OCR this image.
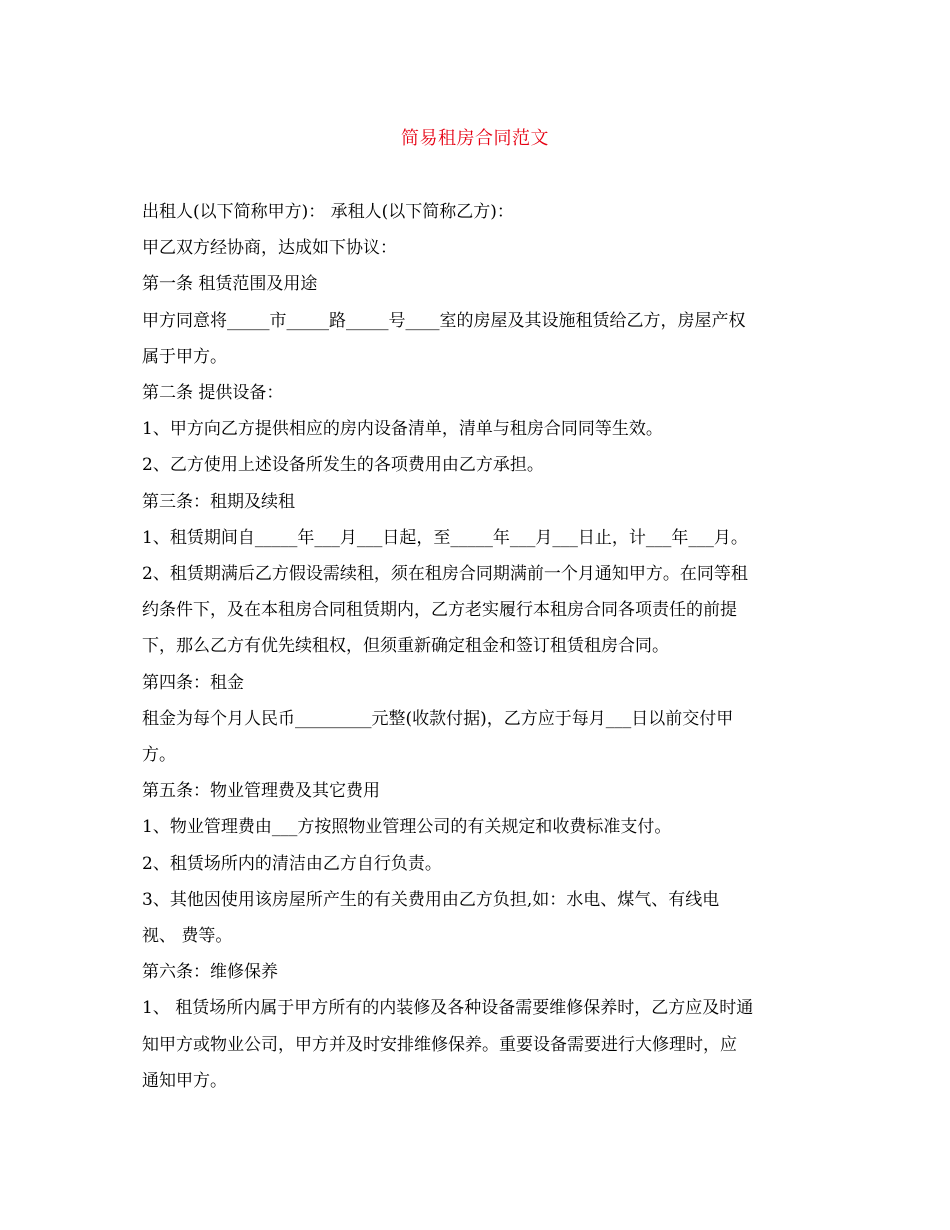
简易租房合同范文

出租人(以下简称甲方)： 承租人(以下简称乙方)：

甲乙双方经协商，达成如下协议：

第一条 租赁范围及用途

甲方同意将_____市_____路_____号____室的房屋及其设施租赁给乙方，房屋产权

属于甲方。

第二条 提供设备：

1、甲方向乙方提供相应的房内设备清单，清单与租房合同同等生效。

2、乙方使用上述设备所发生的各项费用由乙方承担。

第三条：租期及续租

1、租赁期间自_____年___月___日起，至_____年___月___日止，计___年___月。

2、租赁期满后乙方假设需续租，须在租房合同期满前一个月通知甲方。在同等租

约条件下，及在本租房合同租赁期内，乙方老实履行本租房合同各项责任的前提

下，那么乙方有优先续租权，但须重新确定租金和签订租赁租房合同。

第四条：租金

租金为每个月人民币_________元整(收款付据)，乙方应于每月___日以前交付甲

方。

第五条：物业管理费及其它费用

1、物业管理费由___方按照物业管理公司的有关规定和收费标准支付。

2、租赁场所内的清洁由乙方自行负责。

3、其他因使用该房屋所产生的有关费用由乙方负担,如：水电、煤气、有线电

视、 费等。

第六条：维修保养

1、 租赁场所内属于甲方所有的内装修及各种设备需要维修保养时，乙方应及时通

知甲方或物业公司，甲方并及时安排维修保养。重要设备需要进行大修理时，应

通知甲方。
